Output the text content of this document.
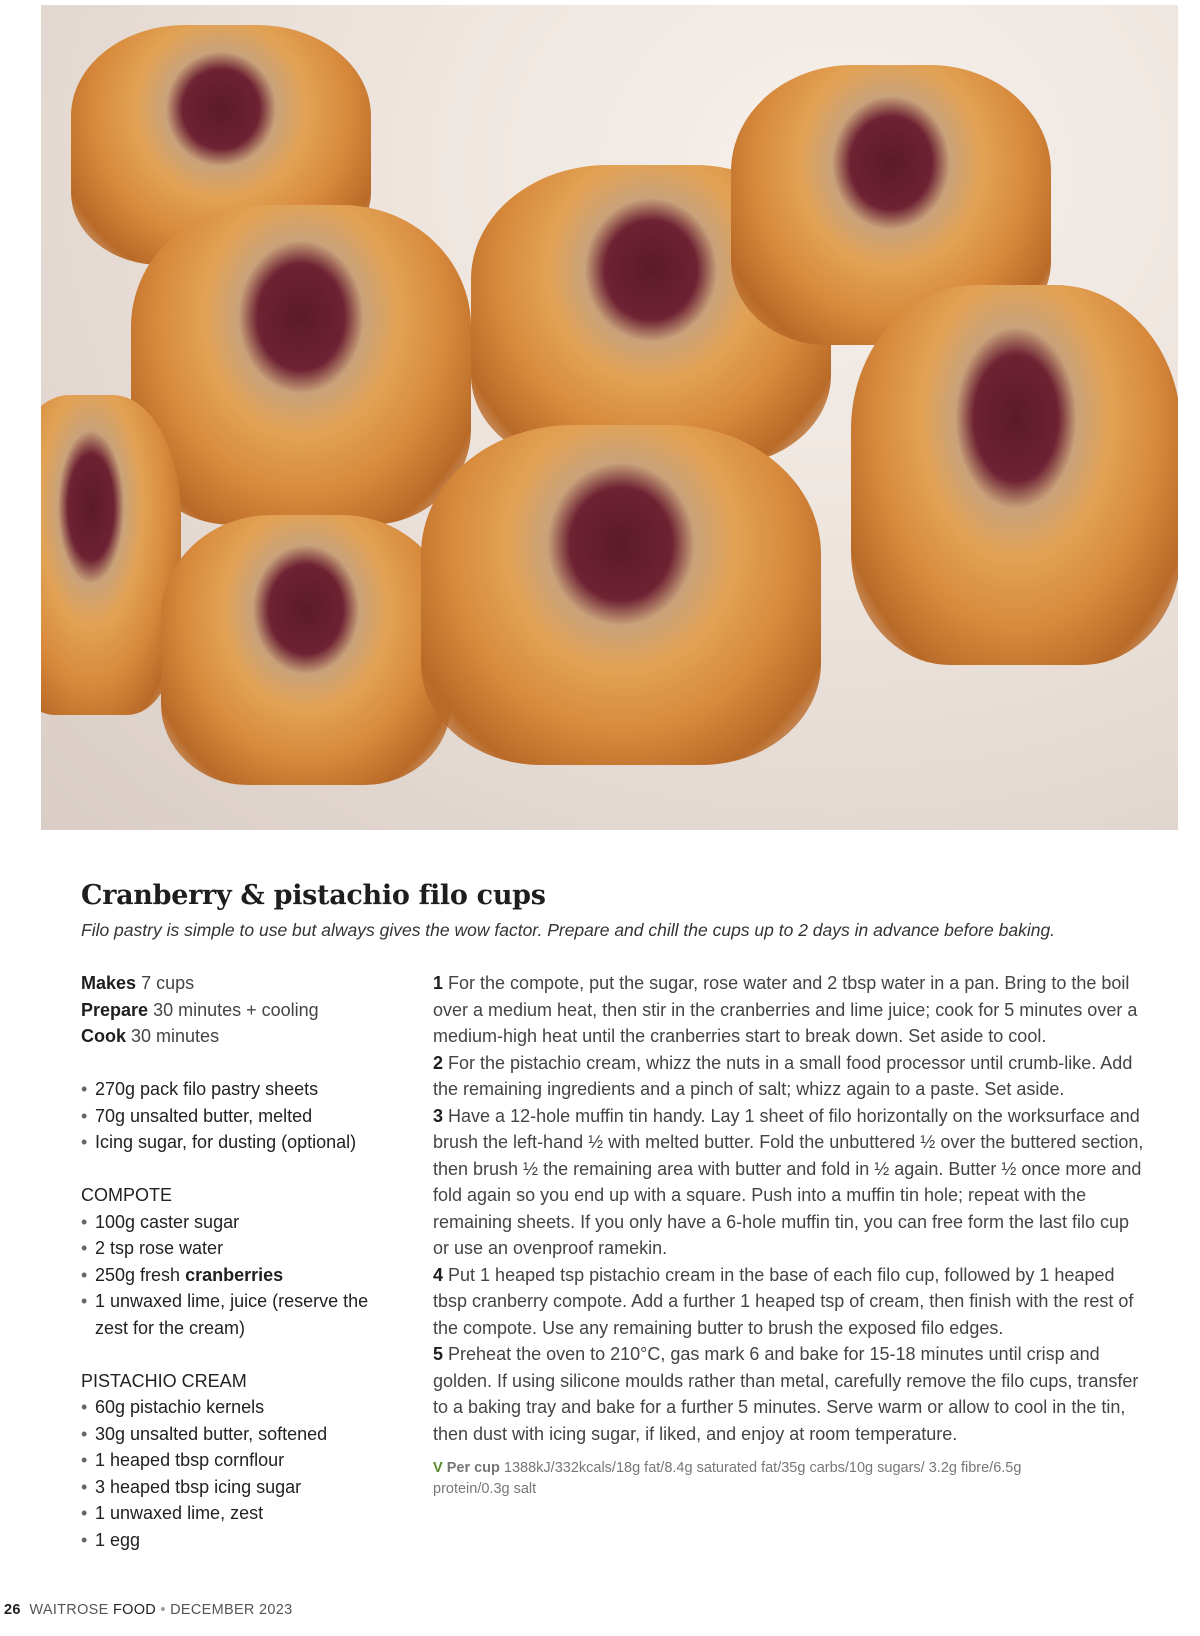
Cranberry & pistachio filo cups
Filo pastry is simple to use but always gives the wow factor. Prepare and chill the cups up to 2 days in advance before baking.
Makes 7 cups
Prepare 30 minutes + cooling
Cook 30 minutes
• 270g pack filo pastry sheets
• 70g unsalted butter, melted
• Icing sugar, for dusting (optional)
COMPOTE
• 100g caster sugar
• 2 tsp rose water
• 250g fresh cranberries
• 1 unwaxed lime, juice (reserve the zest for the cream)
PISTACHIO CREAM
• 60g pistachio kernels
• 30g unsalted butter, softened
• 1 heaped tbsp cornflour
• 3 heaped tbsp icing sugar
• 1 unwaxed lime, zest
• 1 egg
1 For the compote, put the sugar, rose water and 2 tbsp water in a pan. Bring to the boil over a medium heat, then stir in the cranberries and lime juice; cook for 5 minutes over a medium-high heat until the cranberries start to break down. Set aside to cool.
2 For the pistachio cream, whizz the nuts in a small food processor until crumb-like. Add the remaining ingredients and a pinch of salt; whizz again to a paste. Set aside.
3 Have a 12-hole muffin tin handy. Lay 1 sheet of filo horizontally on the worksurface and brush the left-hand ½ with melted butter. Fold the unbuttered ½ over the buttered section, then brush ½ the remaining area with butter and fold in ½ again. Butter ½ once more and fold again so you end up with a square. Push into a muffin tin hole; repeat with the remaining sheets. If you only have a 6-hole muffin tin, you can free form the last filo cup or use an ovenproof ramekin.
4 Put 1 heaped tsp pistachio cream in the base of each filo cup, followed by 1 heaped tbsp cranberry compote. Add a further 1 heaped tsp of cream, then finish with the rest of the compote. Use any remaining butter to brush the exposed filo edges.
5 Preheat the oven to 210°C, gas mark 6 and bake for 15-18 minutes until crisp and golden. If using silicone moulds rather than metal, carefully remove the filo cups, transfer to a baking tray and bake for a further 5 minutes. Serve warm or allow to cool in the tin, then dust with icing sugar, if liked, and enjoy at room temperature.
V Per cup 1388kJ/332kcals/18g fat/8.4g saturated fat/35g carbs/10g sugars/ 3.2g fibre/6.5g protein/0.3g salt
26 WAITROSE FOOD • DECEMBER 2023
